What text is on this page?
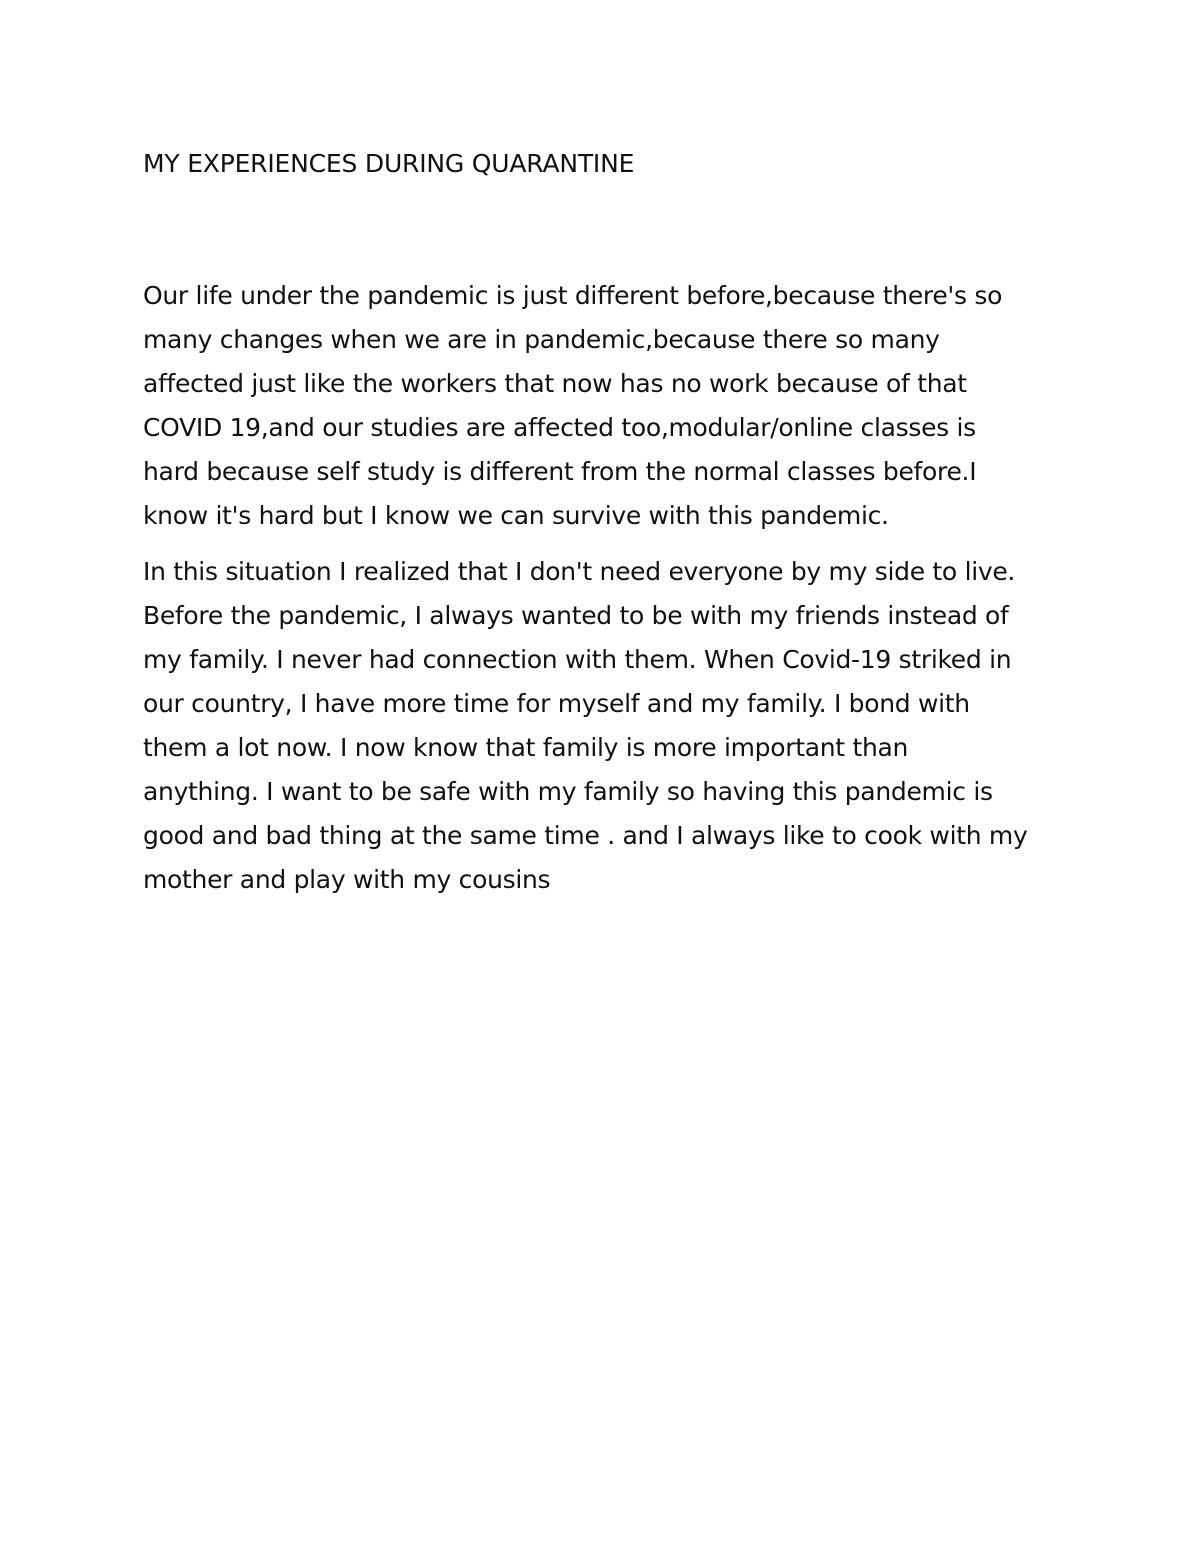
MY EXPERIENCES DURING QUARANTINE

Our life under the pandemic is just different before,because there's so
many changes when we are in pandemic,because there so many
affected just like the workers that now has no work because of that
COVID 19,and our studies are affected too,modular/online classes is
hard because self study is different from the normal classes before.I
know it's hard but I know we can survive with this pandemic.

In this situation I realized that I don't need everyone by my side to live.
Before the pandemic, I always wanted to be with my friends instead of
my family. I never had connection with them. When Covid-19 striked in
our country, I have more time for myself and my family. I bond with
them a lot now. I now know that family is more important than
anything. I want to be safe with my family so having this pandemic is
good and bad thing at the same time . and I always like to cook with my
mother and play with my cousins
